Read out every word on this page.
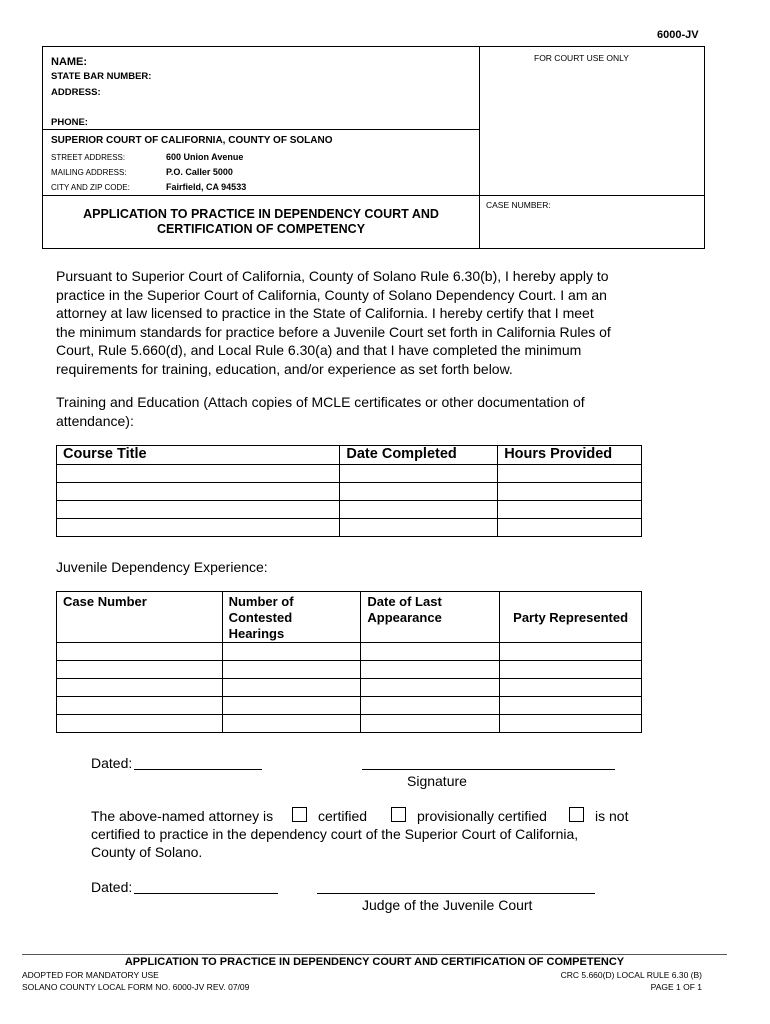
6000-JV
FOR COURT USE ONLY
NAME:
STATE BAR NUMBER:
ADDRESS:
PHONE:
SUPERIOR COURT OF CALIFORNIA, COUNTY OF SOLANO
STREET ADDRESS:	600 Union Avenue
MAILING ADDRESS:	P.O. Caller 5000
CITY AND ZIP CODE:	Fairfield, CA 94533
APPLICATION TO PRACTICE IN DEPENDENCY COURT AND
CERTIFICATION OF COMPETENCY
CASE NUMBER:
Pursuant to Superior Court of California, County of Solano Rule 6.30(b), I hereby apply to
practice in the Superior Court of California, County of Solano Dependency Court. I am an
attorney at law licensed to practice in the State of California. I hereby certify that I meet
the minimum standards for practice before a Juvenile Court set forth in California Rules of
Court, Rule 5.660(d), and Local Rule 6.30(a) and that I have completed the minimum
requirements for training, education, and/or experience as set forth below.
Training and Education (Attach copies of MCLE certificates or other documentation of
attendance):
Course Title	Date Completed	Hours Provided

Juvenile Dependency Experience:
Case Number	Number of Contested Hearings	Date of Last Appearance	Party Represented

Dated:
Signature
The above-named attorney is	certified	provisionally certified	is not
certified to practice in the dependency court of the Superior Court of California,
County of Solano.
Dated:
Judge of the Juvenile Court
APPLICATION TO PRACTICE IN DEPENDENCY COURT AND CERTIFICATION OF COMPETENCY
ADOPTED FOR MANDATORY USE
SOLANO COUNTY LOCAL FORM NO. 6000-JV REV. 07/09
CRC 5.660(D) LOCAL RULE 6.30 (B)
PAGE 1 OF 1
